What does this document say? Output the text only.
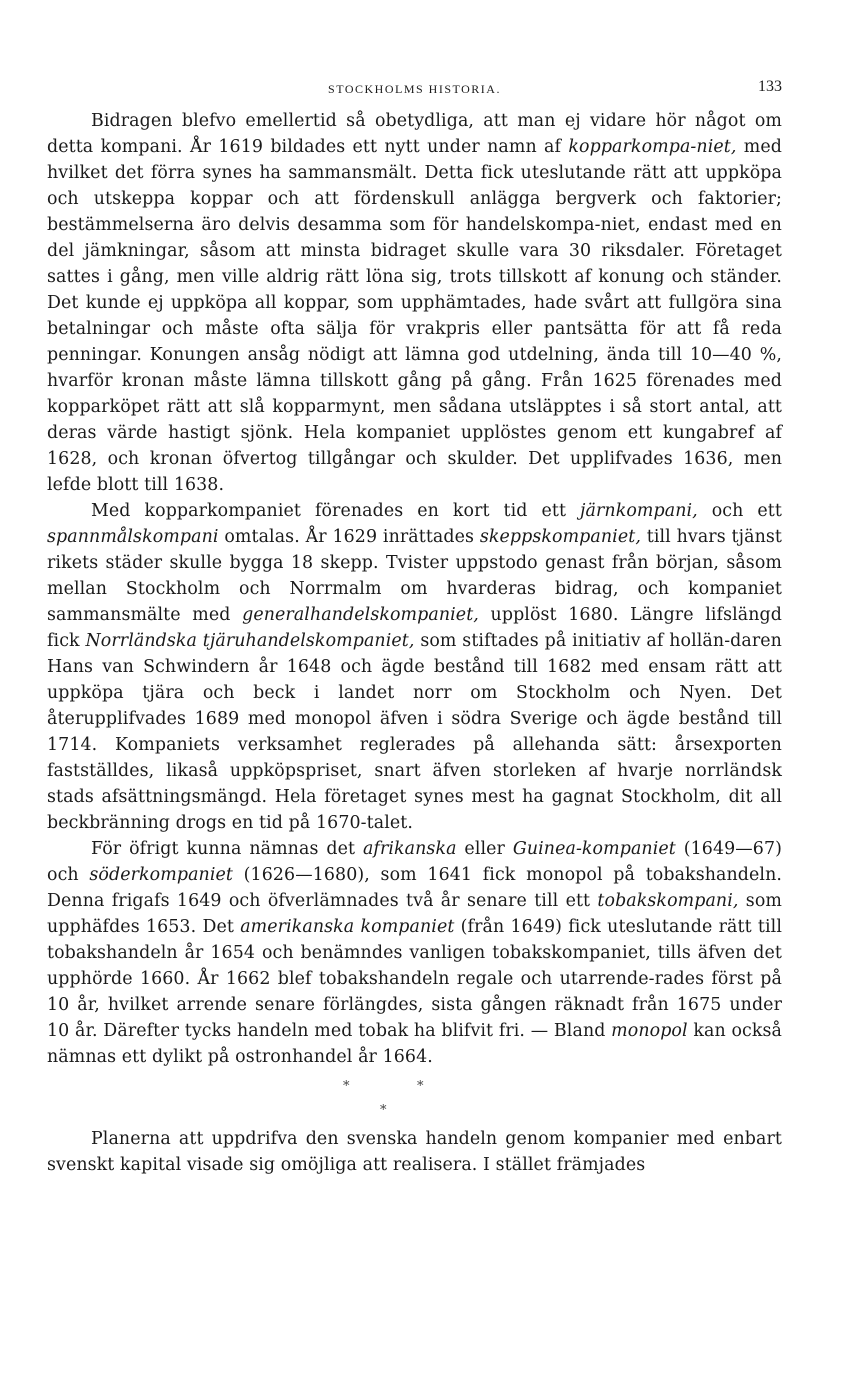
STOCKHOLMS HISTORIA.	133

Bidragen blefvo emellertid så obetydliga, att man ej vidare hör något om detta kompani. År 1619 bildades ett nytt under namn af kopparkompa-niet, med hvilket det förra synes ha sammansmält. Detta fick uteslutande rätt att uppköpa och utskeppa koppar och att fördenskull anlägga bergverk och faktorier; bestämmelserna äro delvis desamma som för handelskompa-niet, endast med en del jämkningar, såsom att minsta bidraget skulle vara 30 riksdaler. Företaget sattes i gång, men ville aldrig rätt löna sig, trots tillskott af konung och ständer. Det kunde ej uppköpa all koppar, som upphämtades, hade svårt att fullgöra sina betalningar och måste ofta sälja för vrakpris eller pantsätta för att få reda penningar. Konungen ansåg nödigt att lämna god utdelning, ända till 10—40 %, hvarför kronan måste lämna tillskott gång på gång. Från 1625 förenades med kopparköpet rätt att slå kopparmynt, men sådana utsläpptes i så stort antal, att deras värde hastigt sjönk. Hela kompaniet upplöstes genom ett kungabref af 1628, och kronan öfvertog tillgångar och skulder. Det upplifvades 1636, men lefde blott till 1638.

Med kopparkompaniet förenades en kort tid ett järnkompani, och ett spannmålskompani omtalas. År 1629 inrättades skeppskompaniet, till hvars tjänst rikets städer skulle bygga 18 skepp. Tvister uppstodo genast från början, såsom mellan Stockholm och Norrmalm om hvarderas bidrag, och kompaniet sammansmälte med generalhandelskompaniet, upplöst 1680. Längre lifslängd fick Norrländska tjäruhandelskompaniet, som stiftades på initiativ af hollän-daren Hans van Schwindern år 1648 och ägde bestånd till 1682 med ensam rätt att uppköpa tjära och beck i landet norr om Stockholm och Nyen. Det återupplifvades 1689 med monopol äfven i södra Sverige och ägde bestånd till 1714. Kompaniets verksamhet reglerades på allehanda sätt: årsexporten fastställdes, likaså uppköpspriset, snart äfven storleken af hvarje norrländsk stads afsättningsmängd. Hela företaget synes mest ha gagnat Stockholm, dit all beckbränning drogs en tid på 1670-talet.

För öfrigt kunna nämnas det afrikanska eller Guinea-kompaniet (1649—67) och söderkompaniet (1626—1680), som 1641 fick monopol på tobakshandeln. Denna frigafs 1649 och öfverlämnades två år senare till ett tobakskompani, som upphäfdes 1653. Det amerikanska kompaniet (från 1649) fick uteslutande rätt till tobakshandeln år 1654 och benämndes vanligen tobakskompaniet, tills äfven det upphörde 1660. År 1662 blef tobakshandeln regale och utarrende-rades först på 10 år, hvilket arrende senare förlängdes, sista gången räknadt från 1675 under 10 år. Därefter tycks handeln med tobak ha blifvit fri. — Bland monopol kan också nämnas ett dylikt på ostronhandel år 1664.

*	*
*

Planerna att uppdrifva den svenska handeln genom kompanier med enbart svenskt kapital visade sig omöjliga att realisera. I stället främjades
